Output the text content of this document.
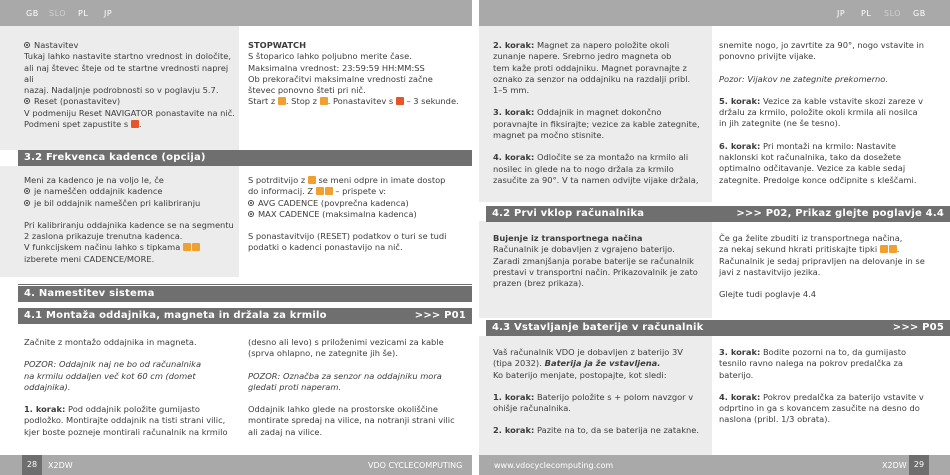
GB SLO PL JP	JP PL SLO GB

Nastavitev

Tukaj lahko nastavite startno vrednost in določite,

ali naj števec šteje od te startne vrednosti naprej ali

nazaj. Nadaljnje podrobnosti so v poglavju 5.7.

Reset (ponastavitev)

V podmeniju Reset NAVIGATOR ponastavite na nič.

Podmeni spet zapustite s .

STOPWATCH

S štoparico lahko poljubno merite čase.

Maksimalna vrednost: 23:59:59 HH:MM:SS

Ob prekoračitvi maksimalne vrednosti začne

števec ponovno šteti pri nič.

Start z . Stop z . Ponastavitev s – 3 sekunde.

3.2 Frekvenca kadence (opcija)

Meni za kadenco je na voljo le, če

je nameščen oddajnik kadence

je bil oddajnik nameščen pri kalibriranju

Pri kalibriranju oddajnika kadence se na segmentu

2 zaslona prikazuje trenutna kadenca.

V funkcijskem načinu lahko s tipkama

izberete meni CADENCE/MORE.

S potrditvijo z se meni odpre in imate dostop

do informacij. Z	– prispete v:

AVG CADENCE (povprečna kadenca)

MAX CADENCE (maksimalna kadenca)

S ponastavitvijo (RESET) podatkov o turi se tudi

podatki o kadenci ponastavijo na nič.

4. Namestitev sistema
4.1 Montaža oddajnika, magneta in držala za krmilo	>>> P01

Začnite z montažo oddajnika in magneta.

POZOR: Oddajnik naj ne bo od računalnika

na krmilu oddaljen več kot 60 cm (domet

oddajnika).

1. korak: Pod oddajnik položite gumijasto

podložko. Montirajte oddajnik na tisti strani vilic,

kjer boste pozneje montirali računalnik na krmilo

(desno ali levo) s priloženimi vezicami za kable

(sprva ohlapno, ne zategnite jih še).

POZOR: Označba za senzor na oddajniku mora

gledati proti naperam.

Oddajnik lahko glede na prostorske okoliščine

montirate spredaj na vilice, na notranji strani vilic

ali zadaj na vilice.

2. korak: Magnet za napero položite okoli

zunanje napere. Srebrno jedro magneta ob

tem kaže proti oddajniku. Magnet poravnajte z

oznako za senzor na oddajniku na razdalji pribl.

1–5 mm.

3. korak: Oddajnik in magnet dokončno

poravnajte in fiksirajte; vezice za kable zategnite,

magnet pa močno stisnite.

4. korak: Odločite se za montažo na krmilo ali

nosilec in glede na to nogo držala za krmilo

zasučite za 90°. V ta namen odvijte vijake držala,

snemite nogo, jo zavrtite za 90°, nogo vstavite in

ponovno privijte vijake.

Pozor: Vijakov ne zategnite prekomerno.

5. korak: Vezice za kable vstavite skozi zareze v

držalu za krmilo, položite okoli krmila ali nosilca

in jih zategnite (ne še tesno).

6. korak: Pri montaži na krmilo: Nastavite

naklonski kot računalnika, tako da dosežete

optimalno odčitavanje. Vezice za kable sedaj

zategnite. Predolge konce odc̆ipnite s kleščami.

4.2 Prvi vklop računalnika	>>> P02, Prikaz glejte poglavje 4.4

Bujenje iz transportnega načina

Računalnik je dobavljen z vgrajeno baterijo.

Zaradi zmanjšanja porabe baterije se računalnik

prestavi v transportni način. Prikazovalnik je zato

prazen (brez prikaza).

Če ga želite zbuditi iz transportnega načina,

za nekaj sekund hkrati pritiskajte tipki .

Računalnik je sedaj pripravljen na delovanje in se

javi z nastavitvijo jezika.

Glejte tudi poglavje 4.4

4.3 Vstavljanje baterije v računalnik	>>> P05

Vaš računalnik VDO je dobavljen z baterijo 3V

(tipa 2032). Baterija ja že vstavljena.

Ko baterijo menjate, postopajte, kot sledi:

1. korak: Baterijo položite s + polom navzgor v

ohišje računalnika.

2. korak: Pazite na to, da se baterija ne zatakne.

3. korak: Bodite pozorni na to, da gumijasto

tesnilo ravno nalega na pokrov predalčka za

baterijo.

4. korak: Pokrov predalčka za baterijo vstavite v

odprtino in ga s kovancem zasučite na desno do

naslona (pribl. 1/3 obrata).

28	X2DW	VDO CYCLECOMPUTING	www.vdocyclecomputing.com	X2DW 29
